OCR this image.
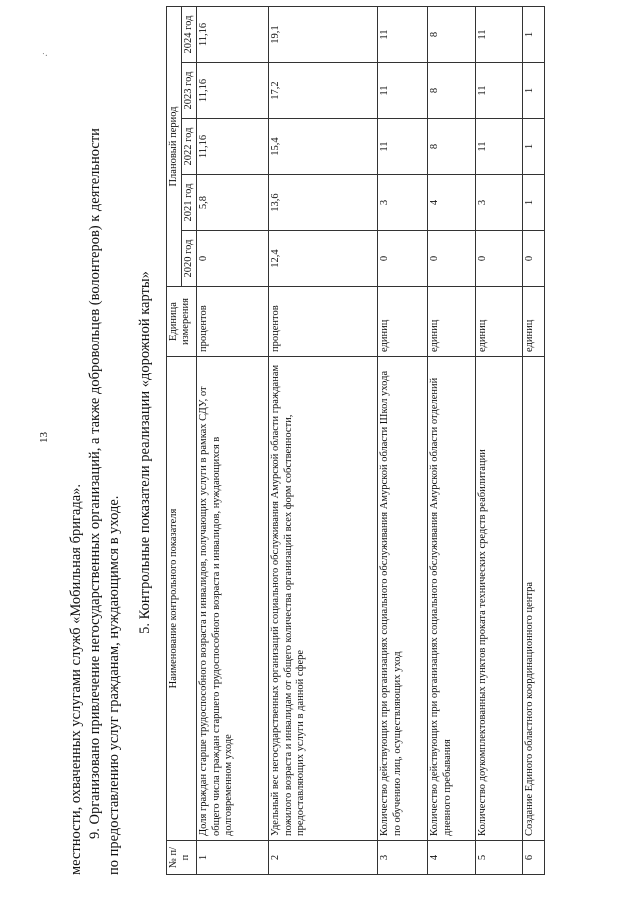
13
·̇
местности, охваченных услугами служб «Мобильная бригада». 9. Организовано привлечение негосударственных организаций, а также добровольцев (волонтеров) к деятельности по предоставлению услуг гражданам, нуждающимся в уходе.
5. Контрольные показатели реализации «дорожной карты»
№ п/п	Наименование контрольного показателя	Единица измерения	Плановый период				
			2020 год	2021 год	2022 год	2023 год	2024 год
1	Доля граждан старше трудоспособного возраста и инвалидов, получающих услуги в рамках СДУ, от общего числа граждан старшего трудоспособного возраста и инвалидов, нуждающихся в долговременном уходе	процентов	0	5,8	11,16	11,16	11,16
2	Удельный вес негосударственных организаций социального обслуживания Амурской области гражданам пожилого возраста и инвалидам от общего количества организаций всех форм собственности, предоставляющих услуги в данной сфере	процентов	12,4	13,6	15,4	17,2	19,1
3	Количество действующих при организациях социального обслуживания Амурской области Школ ухода по обучению лиц, осуществляющих уход	единиц	0	3	11	11	11
4	Количество действующих при организациях социального обслуживания Амурской области отделений дневного пребывания	единиц	0	4	8	8	8
5	Количество доукомплектованных пунктов проката технических средств реабилитации	единиц	0	3	11	11	11
6	Создание Единого областного координационного центра	единиц	0	1	1	1	1
